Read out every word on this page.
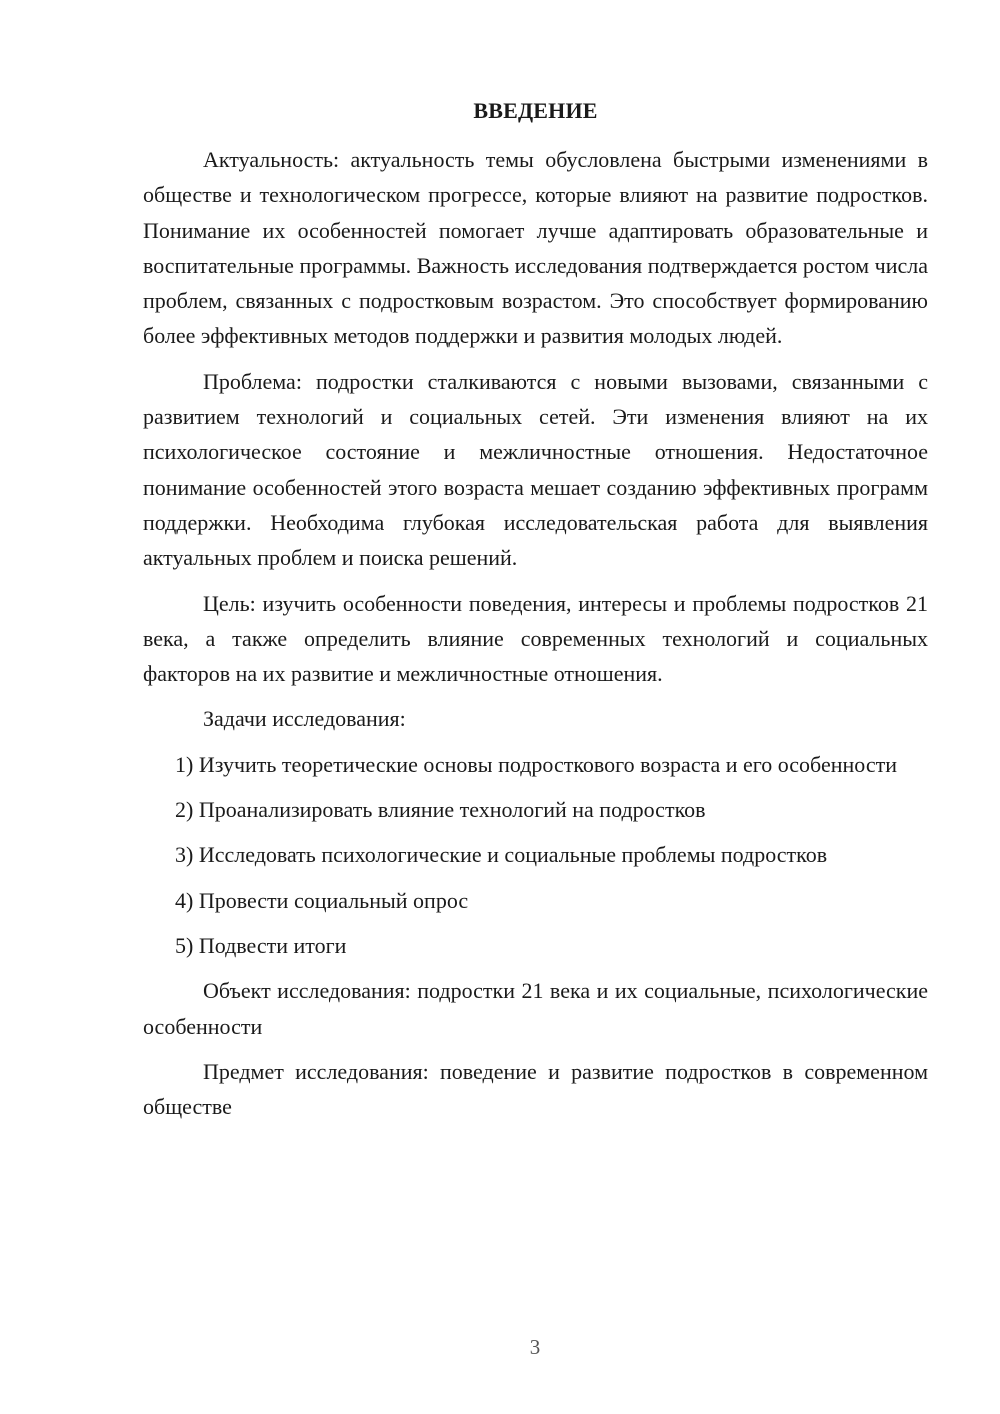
ВВЕДЕНИЕ

Актуальность: актуальность темы обусловлена быстрыми изменениями в обществе и технологическом прогрессе, которые влияют на развитие подростков. Понимание их особенностей помогает лучше адаптировать образовательные и воспитательные программы. Важность исследования подтверждается ростом числа проблем, связанных с подростковым возрастом. Это способствует формированию более эффективных методов поддержки и развития молодых людей.

Проблема: подростки сталкиваются с новыми вызовами, связанными с развитием технологий и социальных сетей. Эти изменения влияют на их психологическое состояние и межличностные отношения. Недостаточное понимание особенностей этого возраста мешает созданию эффективных программ поддержки. Необходима глубокая исследовательская работа для выявления актуальных проблем и поиска решений.

Цель: изучить особенности поведения, интересы и проблемы подростков 21 века, а также определить влияние современных технологий и социальных факторов на их развитие и межличностные отношения.

Задачи исследования:

1) Изучить теоретические основы подросткового возраста и его особенности

2) Проанализировать влияние технологий на подростков

3) Исследовать психологические и социальные проблемы подростков

4) Провести социальный опрос

5) Подвести итоги

Объект исследования: подростки 21 века и их социальные, психологические особенности

Предмет исследования: поведение и развитие подростков в современном обществе

3
